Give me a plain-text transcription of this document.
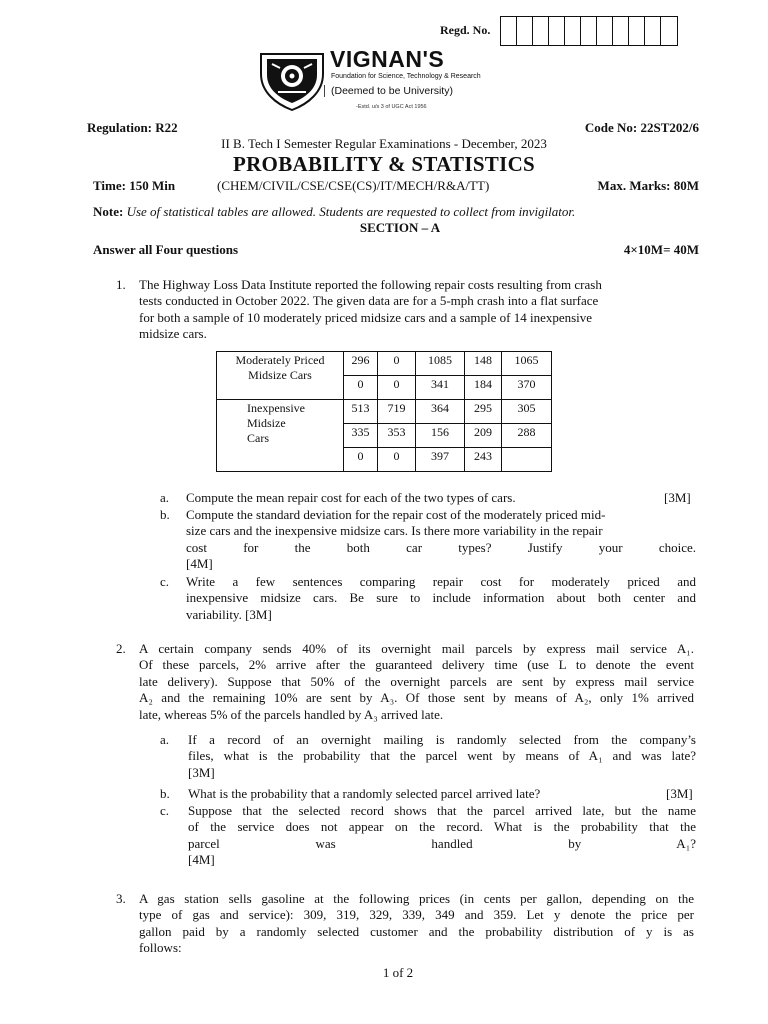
Regd. No.
VIGNAN'S
Foundation for Science, Technology & Research
(Deemed to be University)
-Estd. u/s 3 of UGC Act 1956
Regulation: R22	Code No: 22ST202/6
II B. Tech I Semester Regular Examinations - December, 2023
PROBABILITY & STATISTICS
Time: 150 Min	(CHEM/CIVIL/CSE/CSE(CS)/IT/MECH/R&A/TT)	Max. Marks: 80M
Note: Use of statistical tables are allowed. Students are requested to collect from invigilator.
SECTION – A
Answer all Four questions	4×10M= 40M
1. The Highway Loss Data Institute reported the following repair costs resulting from crash
tests conducted in October 2022. The given data are for a 5-mph crash into a flat surface
for both a sample of 10 moderately priced midsize cars and a sample of 14 inexpensive
midsize cars.
Moderately Priced
Midsize Cars	296	0	1085	148	1065
	0	0	341	184	370

Inexpensive
Midsize
Cars	513	719	364	295	305
	335	353	156	209	288
	0	0	397	243	
a. Compute the mean repair cost for each of the two types of cars.	[3M]
b. Compute the standard deviation for the repair cost of the moderately priced mid-
size cars and the inexpensive midsize cars. Is there more variability in the repair
cost for the both car types? Justify your choice.
[4M]
c. Write a few sentences comparing repair cost for moderately priced and
inexpensive midsize cars. Be sure to include information about both center and
variability. [3M]
2. A certain company sends 40% of its overnight mail parcels by express mail service A₁.
Of these parcels, 2% arrive after the guaranteed delivery time (use L to denote the event
late delivery). Suppose that 50% of the overnight parcels are sent by express mail service
A₂ and the remaining 10% are sent by A₃. Of those sent by means of A₂, only 1% arrived
late, whereas 5% of the parcels handled by A₃ arrived late.
a. If a record of an overnight mailing is randomly selected from the company’s
files, what is the probability that the parcel went by means of A₁ and was late?
[3M]
b. What is the probability that a randomly selected parcel arrived late?	[3M]
c. Suppose that the selected record shows that the parcel arrived late, but the name
of the service does not appear on the record. What is the probability that the
parcel was handled by A₁?
[4M]
3. A gas station sells gasoline at the following prices (in cents per gallon, depending on the
type of gas and service): 309, 319, 329, 339, 349 and 359. Let y denote the price per
gallon paid by a randomly selected customer and the probability distribution of y is as
follows:
1 of 2
